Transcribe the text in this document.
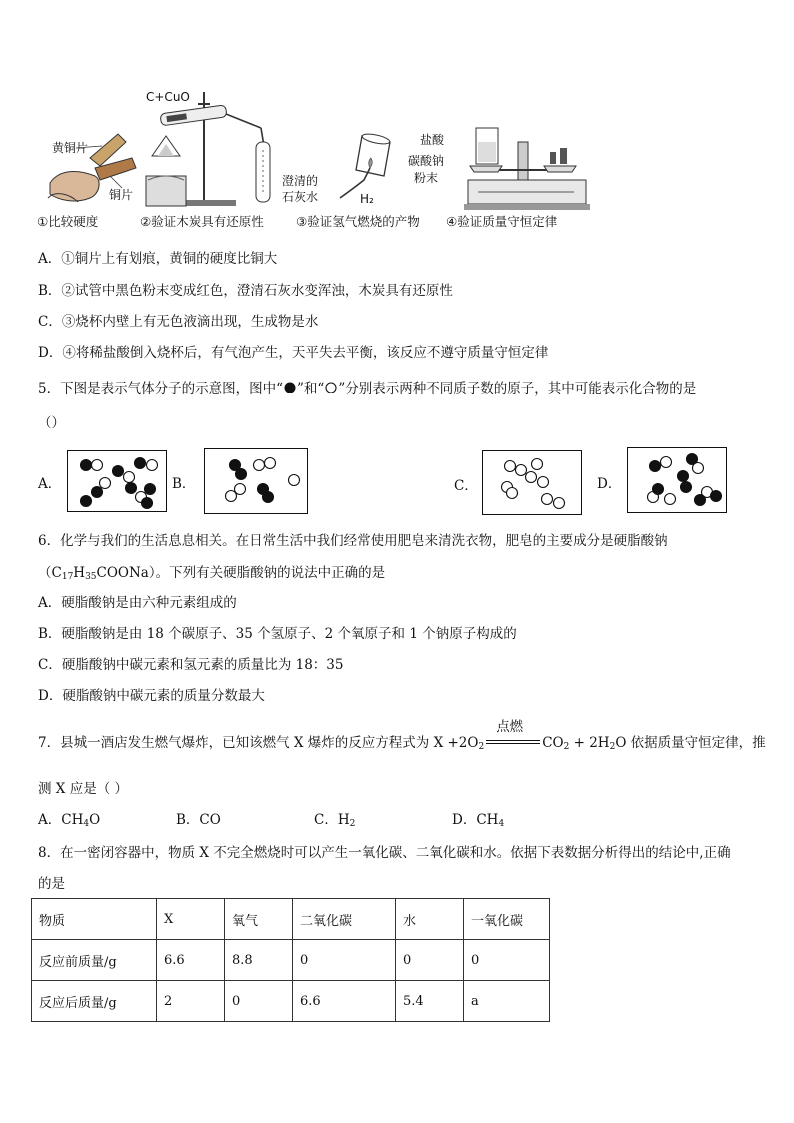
黄铜片
铜片
C+CuO
澄清的
石灰水	H₂
盐酸
碳酸钠
粉末
①比较硬度	②验证木炭具有还原性	③验证氢气燃烧的产物 ④验证质量守恒定律
A．①铜片上有划痕，黄铜的硬度比铜大
B．②试管中黑色粉末变成红色，澄清石灰水变浑浊，木炭具有还原性
C．③烧杯内壁上有无色液滴出现，生成物是水
D．④将稀盐酸倒入烧杯后，有气泡产生，天平失去平衡，该反应不遵守质量守恒定律
5．下图是表示气体分子的示意图，图中“ ”和“ ”分别表示两种不同质子数的原子，其中可能表示化合物的是
（）
A．	B．	C．	D．
6．化学与我们的生活息息相关。在日常生活中我们经常使用肥皂来清洗衣物，肥皂的主要成分是硬脂酸钠
$(C_{17}H_{35}COONa)$。下列有关硬脂酸钠的说法中正确的是
A．硬脂酸钠是由六种元素组成的
B．硬脂酸钠是由 18 个碳原子、35 个氢原子、2 个氧原子和 1 个钠原子构成的
C．硬脂酸钠中碳元素和氢元素的质量比为 18：35
D．硬脂酸钠中碳元素的质量分数最大
7．县城一酒店发生燃气爆炸，已知该燃气 X 爆炸的反应方程式为 $X +2O_2$
点燃
$CO_2 + 2H_2O$ 依据质量守恒定律，推
测 X 应是（ ）
A．$CH_4O$	B．CO	C．$H_2$	D．$CH_4$
8．在一密闭容器中，物质 X 不完全燃烧时可以产生一氧化碳、二氧化碳和水。依据下表数据分析得出的结论中,正确
的是
物质	X	氧气	二氧化碳	水	一氧化碳
反应前质量/g	6.6	8.8	0	0	0
反应后质量/g	2	0	6.6	5.4	a
